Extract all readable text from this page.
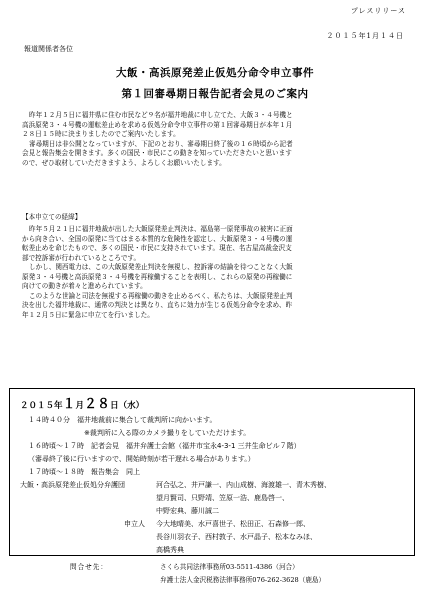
プレスリリース
２０１５年1月１４日
報道関係者各位
大飯・高浜原発差止仮処分命令申立事件
第１回審尋期日報告記者会見のご案内

昨年１２月５日に福井県に住む市民など９名が福井地裁に申し立てた、大飯３・４号機と

高浜原発３・４号機の運転差止めを求める仮処分命令申立事件の第１回審尋期日が本年１月

２８日１５時に決まりましたのでご案内いたします。

審尋期日は非公開となっていますが、下記のとおり、審尋期日終了後の１６時頃から記者

会見と報告集会を開きます。多くの国民・市民にこの動きを知っていただきたいと思います

ので、ぜひ取材していただきますよう、よろしくお願いいたします。

【本申立ての経緯】

昨年５月２１日に福井地裁が出した大飯原発差止判決は、福島第一原発事故の被害に正面

から向き合い、全国の原発に当てはまる本質的な危険性を認定し、大飯原発３・４号機の運

転差止めを命じたもので、多くの国民・市民に支持されています。現在、名古屋高裁金沢支

部で控訴審が行われているところです。

しかし、関西電力は、この大飯原発差止判決を無視し、控訴審の結論を待つことなく大飯

原発３・４号機と高浜原発３・４号機を再稼働することを表明し、これらの原発の再稼働に

向けての動きが着々と進められています。

このような世論と司法を無視する再稼働の動きを止めるべく、私たちは、大飯原発差止判

決を出した福井地裁に、通常の判決とは異なり、直ちに効力が生じる仮処分命令を求め、昨

年１２月５日に緊急に申立てを行いました。

２０１５年１月２８日（水）
１４時４０分　福井地裁前に集合して裁判所に向かいます。
※裁判所に入る際のカメラ撮りをしていただけます。
１６時頃〜１７時　記者会見　福井弁護士会館（福井市宝永4-3-1 三井生命ビル７階）
（審尋終了後に行いますので、開始時刻が若干遅れる場合があります。）
１７時頃〜１８時　報告集会　同上
大飯・高浜原発差止仮処分弁護団	河合弘之、井戸謙一、内山成樹、海渡雄一、青木秀樹、
望月賢司、只野靖、笠原一浩、鹿島啓一、
中野宏典、藤川誠二
申立人 今大地晴美、水戸喜世子、松田正、石森修一郎、
長谷川羽衣子、西村敦子、水戸晶子、松本なみほ、
高橋秀典
問合せ先：	さくら共同法律事務所03-5511-4386（河合）
弁護士法人金沢税務法律事務所076-262-3628（鹿島）
